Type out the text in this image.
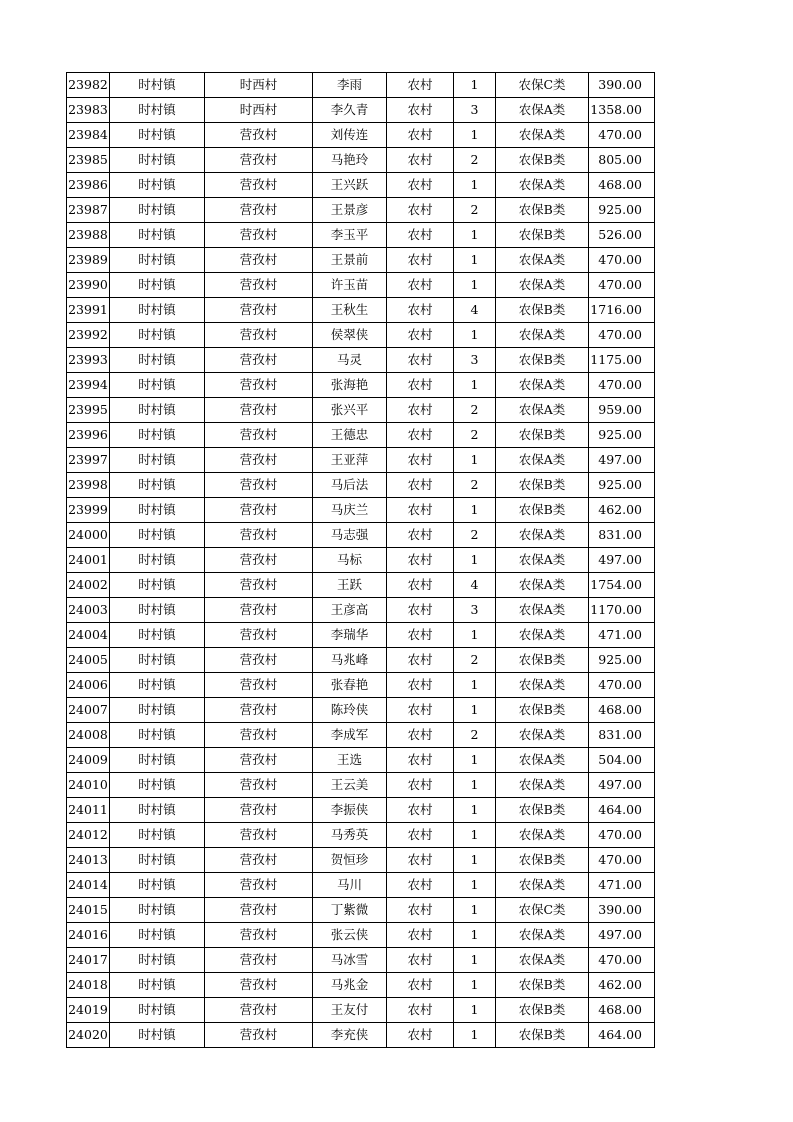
23982	时村镇	时西村	李雨	农村	1	农保C类	390.00
23983	时村镇	时西村	李久青	农村	3	农保A类	1358.00
23984	时村镇	营孜村	刘传连	农村	1	农保A类	470.00
23985	时村镇	营孜村	马艳玲	农村	2	农保B类	805.00
23986	时村镇	营孜村	王兴跃	农村	1	农保A类	468.00
23987	时村镇	营孜村	王景彦	农村	2	农保B类	925.00
23988	时村镇	营孜村	李玉平	农村	1	农保B类	526.00
23989	时村镇	营孜村	王景前	农村	1	农保A类	470.00
23990	时村镇	营孜村	许玉苗	农村	1	农保A类	470.00
23991	时村镇	营孜村	王秋生	农村	4	农保B类	1716.00
23992	时村镇	营孜村	侯翠侠	农村	1	农保A类	470.00
23993	时村镇	营孜村	马灵	农村	3	农保B类	1175.00
23994	时村镇	营孜村	张海艳	农村	1	农保A类	470.00
23995	时村镇	营孜村	张兴平	农村	2	农保A类	959.00
23996	时村镇	营孜村	王德忠	农村	2	农保B类	925.00
23997	时村镇	营孜村	王亚萍	农村	1	农保A类	497.00
23998	时村镇	营孜村	马后法	农村	2	农保B类	925.00
23999	时村镇	营孜村	马庆兰	农村	1	农保B类	462.00
24000	时村镇	营孜村	马志强	农村	2	农保A类	831.00
24001	时村镇	营孜村	马标	农村	1	农保A类	497.00
24002	时村镇	营孜村	王跃	农村	4	农保A类	1754.00
24003	时村镇	营孜村	王彦高	农村	3	农保A类	1170.00
24004	时村镇	营孜村	李瑞华	农村	1	农保A类	471.00
24005	时村镇	营孜村	马兆峰	农村	2	农保B类	925.00
24006	时村镇	营孜村	张春艳	农村	1	农保A类	470.00
24007	时村镇	营孜村	陈玲侠	农村	1	农保B类	468.00
24008	时村镇	营孜村	李成军	农村	2	农保A类	831.00
24009	时村镇	营孜村	王选	农村	1	农保A类	504.00
24010	时村镇	营孜村	王云美	农村	1	农保A类	497.00
24011	时村镇	营孜村	李振侠	农村	1	农保B类	464.00
24012	时村镇	营孜村	马秀英	农村	1	农保A类	470.00
24013	时村镇	营孜村	贺恒珍	农村	1	农保B类	470.00
24014	时村镇	营孜村	马川	农村	1	农保A类	471.00
24015	时村镇	营孜村	丁紫微	农村	1	农保C类	390.00
24016	时村镇	营孜村	张云侠	农村	1	农保A类	497.00
24017	时村镇	营孜村	马冰雪	农村	1	农保A类	470.00
24018	时村镇	营孜村	马兆金	农村	1	农保B类	462.00
24019	时村镇	营孜村	王友付	农村	1	农保B类	468.00
24020	时村镇	营孜村	李充侠	农村	1	农保B类	464.00
